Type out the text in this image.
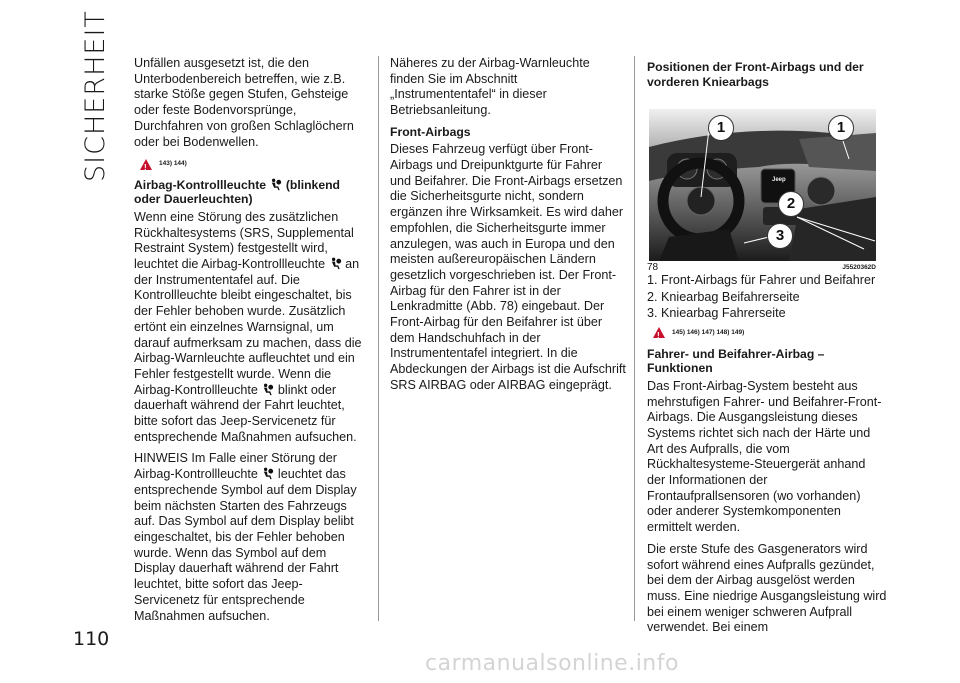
SICHERHEIT Unfällen ausgesetzt ist, die den Unterbodenbereich betreffen, wie z.B. starke Stöße gegen Stufen, Gehsteige oder feste Bodenvorsprünge, Durchfahren von großen Schlaglöchern oder bei Bodenwellen.

!
143) 144)
Airbag-Kontrollleuchte (blinkend oder Dauerleuchten)

Wenn eine Störung des zusätzlichen Rückhaltesystems (SRS, Supplemental Restraint System) festgestellt wird, leuchtet die Airbag-Kontrollleuchte an der Instrumententafel auf. Die Kontrollleuchte bleibt eingeschaltet, bis der Fehler behoben wurde. Zusätzlich ertönt ein einzelnes Warnsignal, um darauf aufmerksam zu machen, dass die Airbag-Warnleuchte aufleuchtet und ein Fehler festgestellt wurde. Wenn die Airbag-Kontrollleuchte blinkt oder dauerhaft während der Fahrt leuchtet, bitte sofort das Jeep-Servicenetz für entsprechende Maßnahmen aufsuchen.

HINWEIS Im Falle einer Störung der Airbag-Kontrollleuchte leuchtet das entsprechende Symbol auf dem Display beim nächsten Starten des Fahrzeugs auf. Das Symbol auf dem Display belibt eingeschaltet, bis der Fehler behoben wurde. Wenn das Symbol auf dem Display dauerhaft während der Fahrt leuchtet, bitte sofort das Jeep-Servicenetz für entsprechende Maßnahmen aufsuchen.

Näheres zu der Airbag-Warnleuchte finden Sie im Abschnitt „Instrumententafel“ in dieser Betriebsanleitung.

Front-Airbags

Dieses Fahrzeug verfügt über Front-Airbags und Dreipunktgurte für Fahrer und Beifahrer. Die Front-Airbags ersetzen die Sicherheitsgurte nicht, sondern ergänzen ihre Wirksamkeit. Es wird daher empfohlen, die Sicherheitsgurte immer anzulegen, was auch in Europa und den meisten außereuropäischen Ländern gesetzlich vorgeschrieben ist. Der Front-Airbag für den Fahrer ist in der Lenkradmitte (Abb. 78) eingebaut. Der Front-Airbag für den Beifahrer ist über dem Handschuhfach in der Instrumententafel integriert. In die Abdeckungen der Airbags ist die Aufschrift SRS AIRBAG oder AIRBAG eingeprägt.

Positionen der Front-Airbags und der vorderen Kniearbags
Jeep
1	1
2
3
78	J5520362D
1. Front-Airbags für Fahrer und Beifahrer
2. Kniearbag Beifahrerseite
3. Kniearbag Fahrerseite
!
145) 146) 147) 148) 149)
Fahrer- und Beifahrer-Airbag – Funktionen

Das Front-Airbag-System besteht aus mehrstufigen Fahrer- und Beifahrer-Front-Airbags. Die Ausgangsleistung dieses Systems richtet sich nach der Härte und Art des Aufpralls, die vom Rückhaltesysteme-Steuergerät anhand der Informationen der Frontaufprallsensoren (wo vorhanden) oder anderer Systemkomponenten ermittelt werden.

Die erste Stufe des Gasgenerators wird sofort während eines Aufpralls gezündet, bei dem der Airbag ausgelöst werden muss. Eine niedrige Ausgangsleistung wird bei einem weniger schweren Aufprall verwendet. Bei einem

110
carmanualsonline.info
